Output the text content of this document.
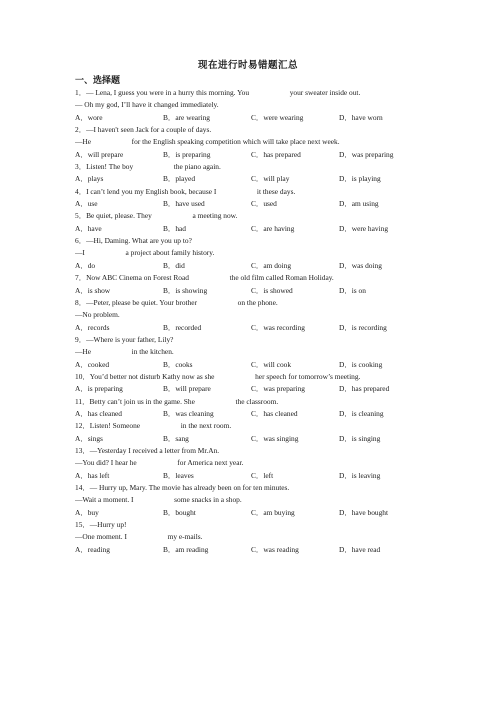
现在进行时易错题汇总
一、选择题
1．— Lena, I guess you were in a hurry this morning. You       your sweater inside out.
— Oh my god, I’ll have it changed immediately.
A．wore	B．are wearing	C．were wearing	D．have worn
2．—I haven't seen Jack for a couple of days.
—He       for the English speaking competition which will take place next week.
A．will prepare	B．is preparing	C．has prepared	D．was preparing
3．Listen! The boy       the piano again.
A．plays	B．played	C．will play	D．is playing
4．I can’t lend you my English book, because I       it these days.
A．use	B．have used	C．used	D．am using
5．Be quiet, please. They       a meeting now.
A．have	B．had	C．are having	D．were having
6．—Hi, Daming. What are you up to?
—I       a project about family history.
A．do	B．did	C．am doing	D．was doing
7．Now ABC Cinema on Forest Road       the old film called Roman Holiday.
A．is show	B．is showing	C．is showed	D．is on
8．—Peter, please be quiet. Your brother       on the phone.
—No problem.
A．records	B．recorded	C．was recording	D．is recording
9．—Where is your father, Lily?
—He       in the kitchen.
A．cooked	B．cooks	C．will cook	D．is cooking
10．You’d better not disturb Kathy now as she       her speech for tomorrow’s meeting.
A．is preparing	B．will prepare	C．was preparing	D．has prepared
11．Betty can’t join us in the game. She       the classroom.
A．has cleaned	B．was cleaning	C．has cleaned	D．is cleaning
12．Listen! Someone       in the next room.
A．sings	B．sang	C．was singing	D．is singing
13．—Yesterday I received a letter from Mr.An.
—You did? I hear he       for America next year.
A．has left	B．leaves	C．left	D．is leaving
14．— Hurry up, Mary. The movie has already been on for ten minutes.
—Wait a moment. I       some snacks in a shop.
A．buy	B．bought	C．am buying	D．have bought
15．—Hurry up!
—One moment. I       my e-mails.
A．reading	B．am reading	C．was reading	D．have read
